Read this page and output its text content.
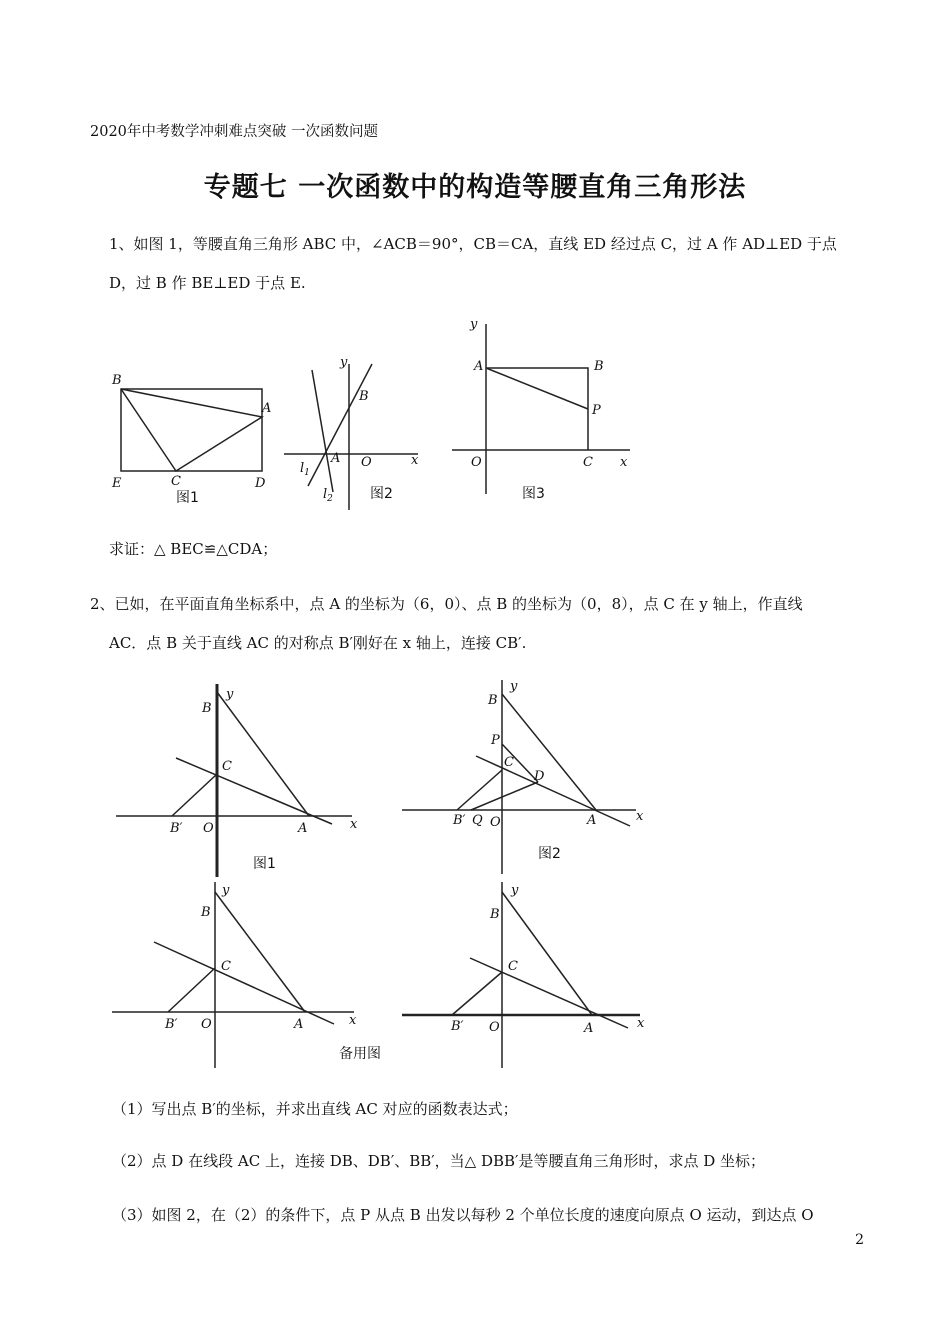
2020年中考数学冲刺难点突破 一次函数问题
专题七 一次函数中的构造等腰直角三角形法
1、如图 1，等腰直角三角形 ABC 中，∠ACB＝90°，CB＝CA，直线 ED 经过点 C，过 A 作 AD⊥ED 于点
D，过 B 作 BE⊥ED 于点 E.
B
A
E	C	D
图1
y
B
$l_1$
A O	x
$l_2$	图2
y
A	B
P
O	C x
图3
求证：△ BEC≌△CDA；
2、已如，在平面直角坐标系中，点 A 的坐标为（6，0）、点 B 的坐标为（0，8），点 C 在 y 轴上，作直线
AC．点 B 关于直线 AC 的对称点 B′刚好在 x 轴上，连接 CB′.
B
y
C
B′ O	A	x
图1
B
y
P
C
D
B′ Q O	A	x
图2
B
y
C
B′ O	A	x
备用图
B
y
C
B′ O	A	x
（1）写出点 B′的坐标，并求出直线 AC 对应的函数表达式；
（2）点 D 在线段 AC 上，连接 DB、DB′、BB′，当△ DBB′是等腰直角三角形时，求点 D 坐标；
（3）如图 2，在（2）的条件下，点 P 从点 B 出发以每秒 2 个单位长度的速度向原点 O 运动，到达点 O
2
